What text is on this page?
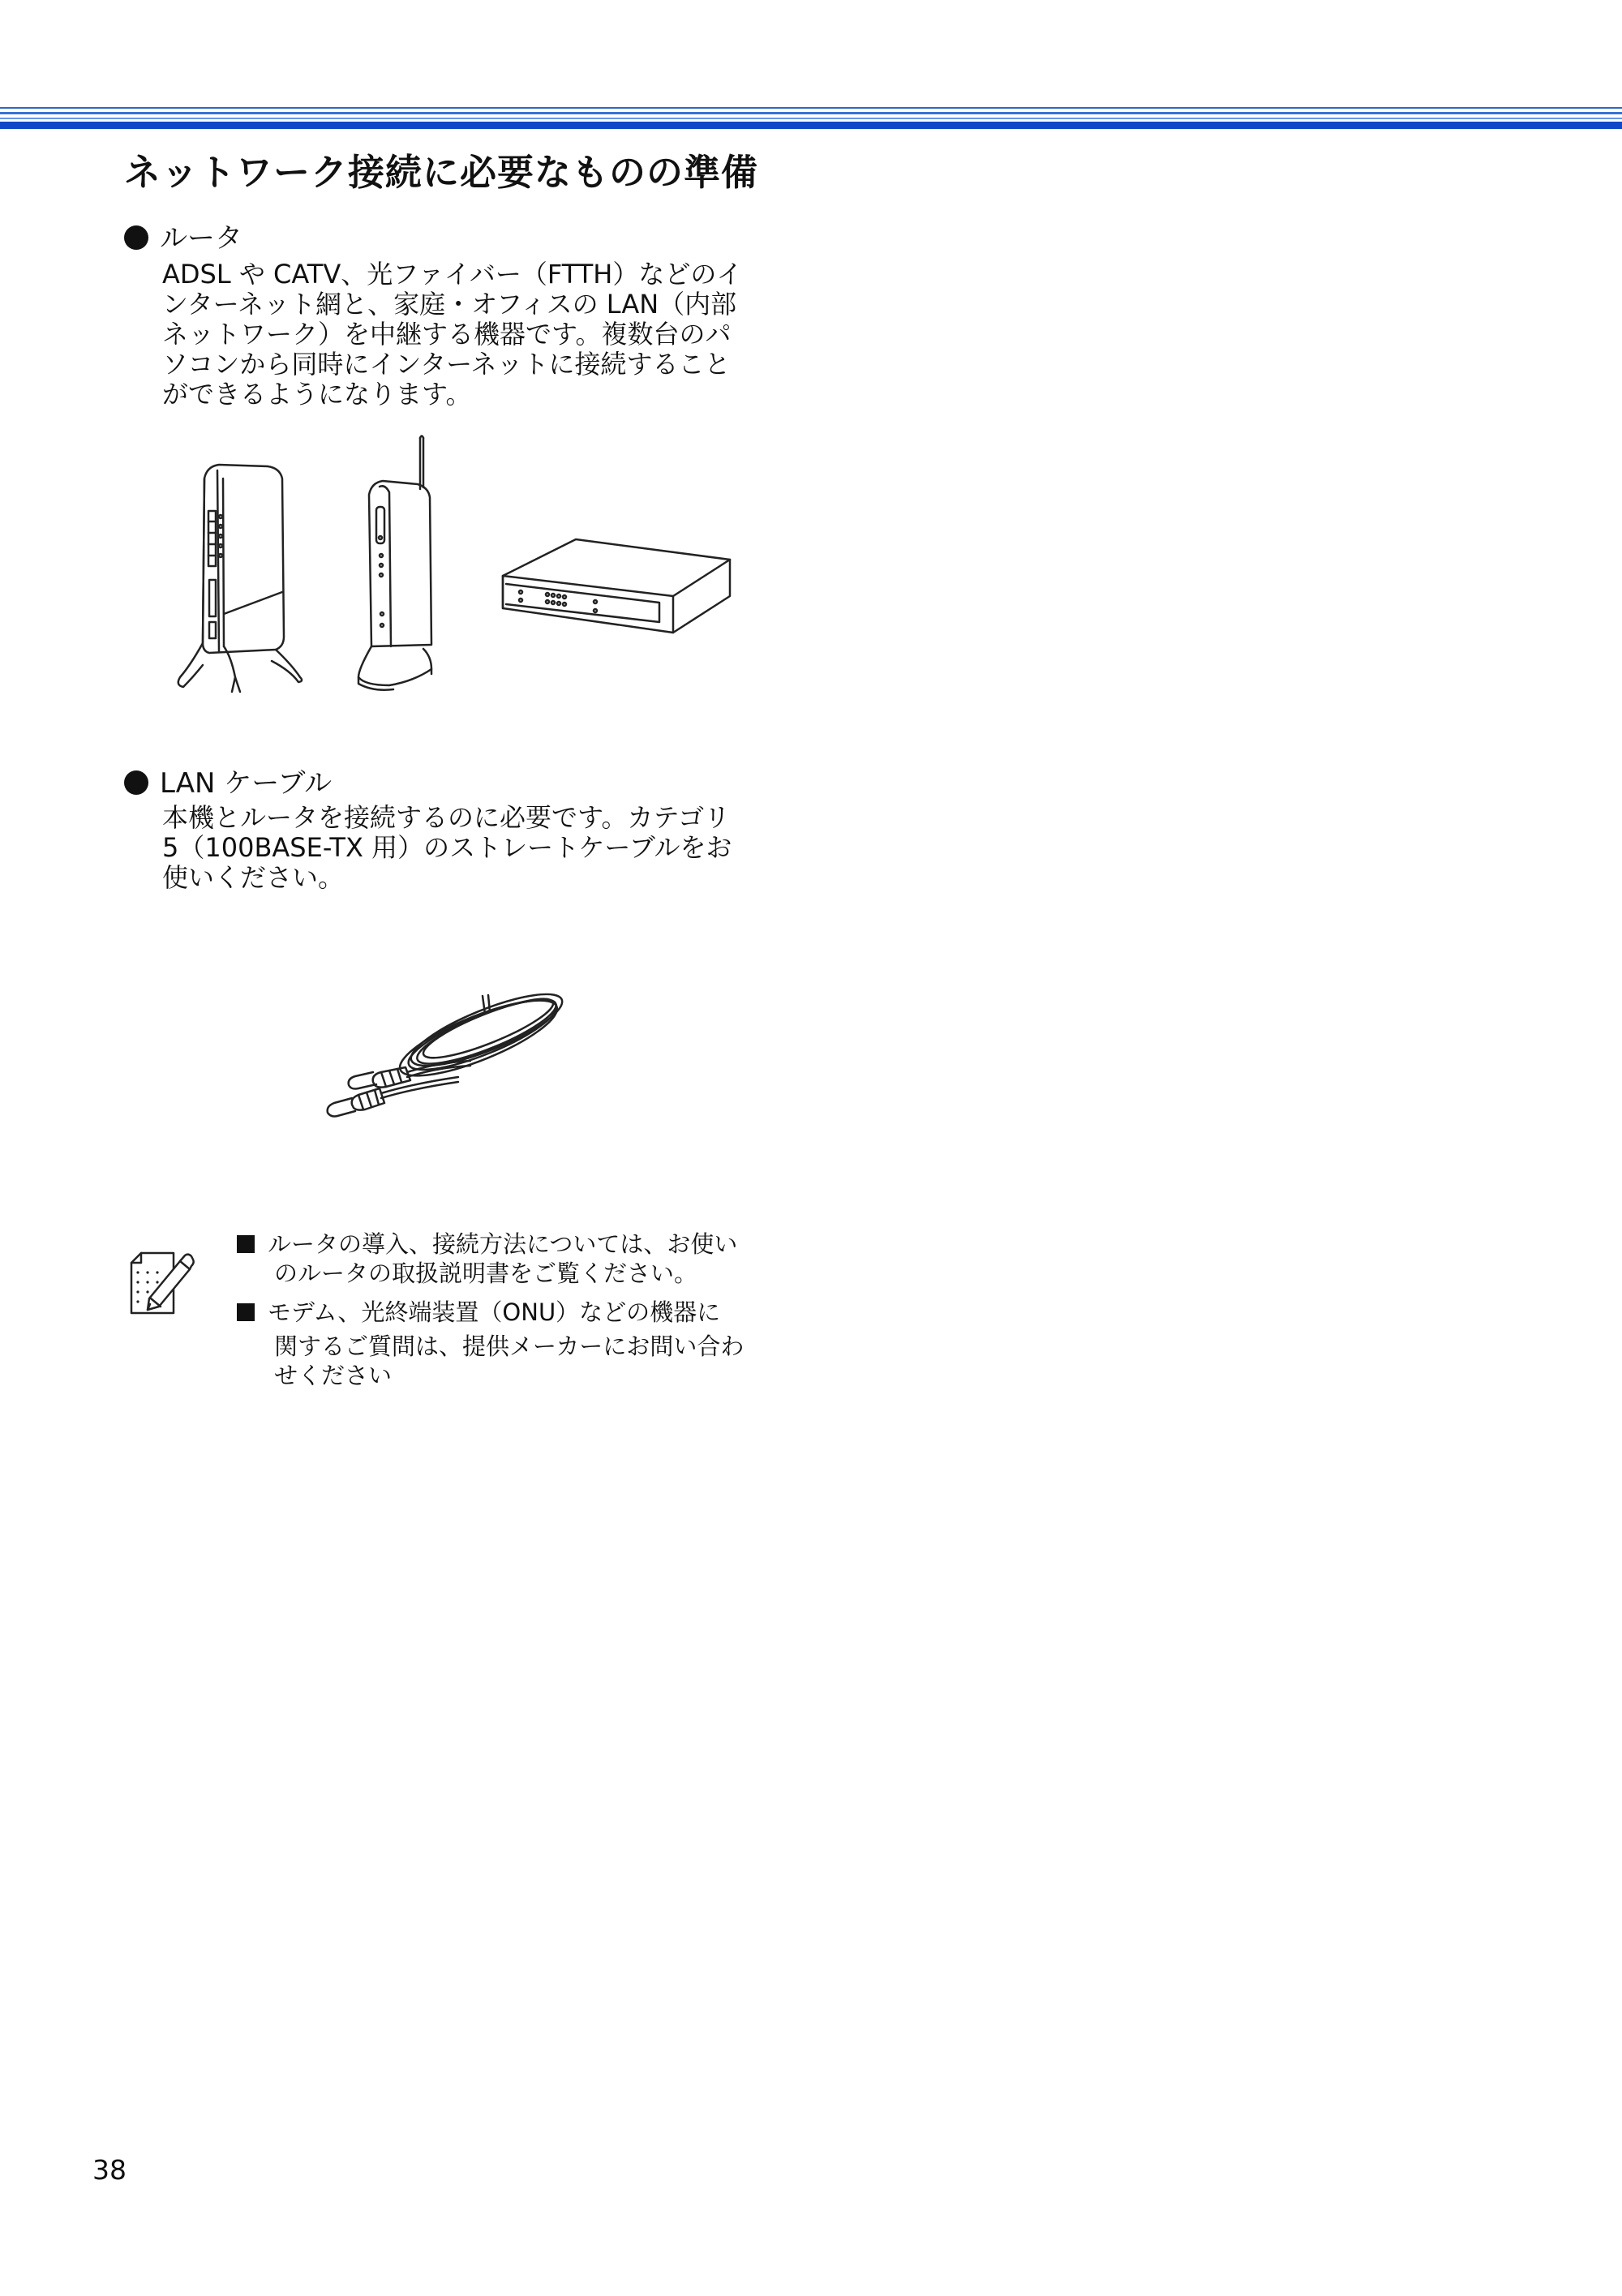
ネットワーク接続に必要なものの準備
ルータ
ADSL や CATV、光ファイバー（FTTH）などのイ
ンターネット網と、家庭・オフィスの LAN（内部
ネットワーク）を中継する機器です。複数台のパ
ソコンから同時にインターネットに接続すること
ができるようになります。
LAN ケーブル
本機とルータを接続するのに必要です。カテゴリ
5（100BASE-TX 用）のストレートケーブルをお
使いください。
ルータの導入、接続方法については、お使い
のルータの取扱説明書をご覧ください。
モデム、光終端装置（ONU）などの機器に
関するご質問は、提供メーカーにお問い合わ
せください
38
